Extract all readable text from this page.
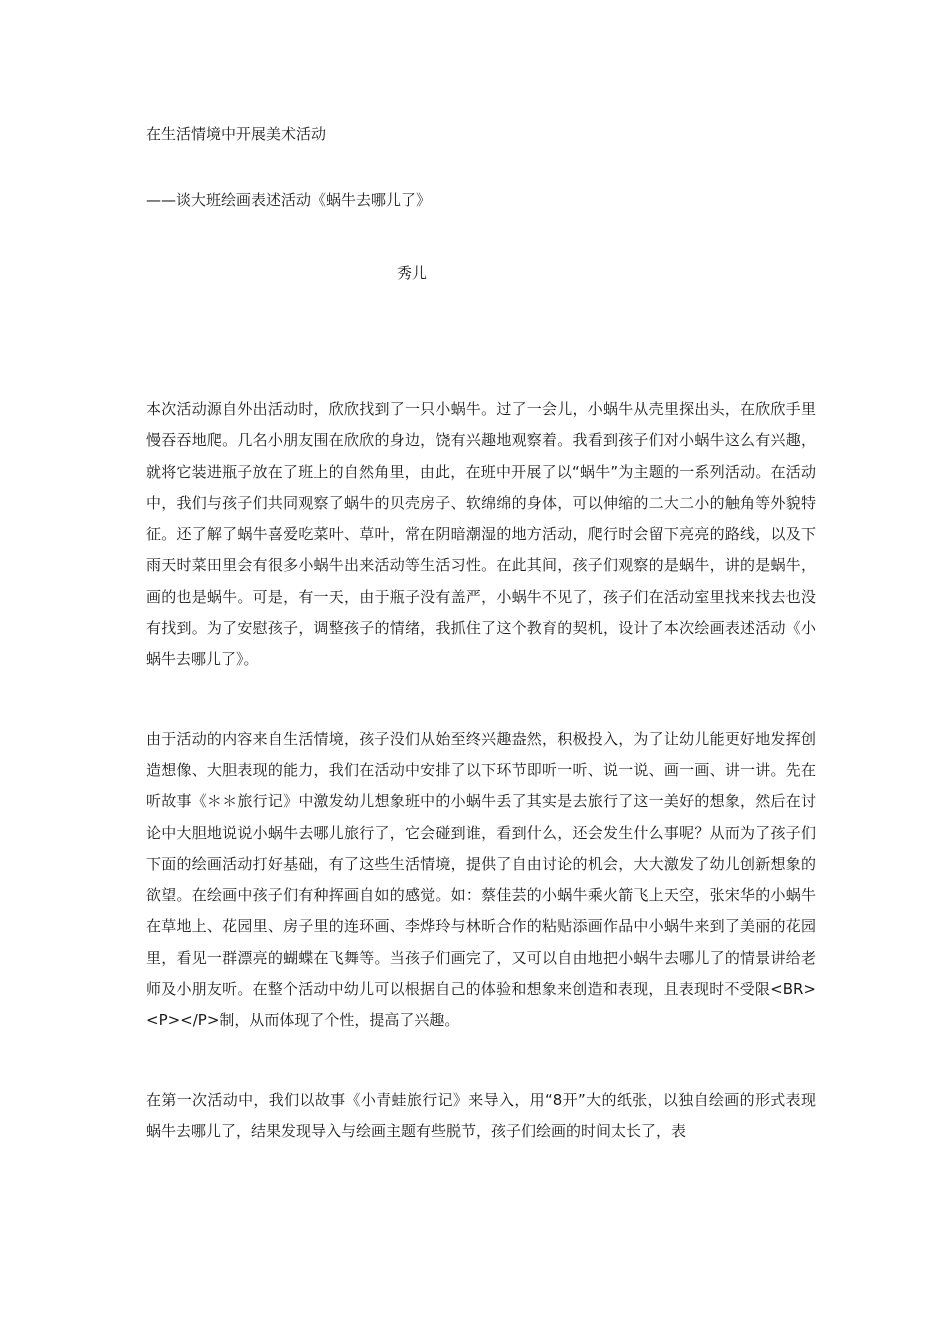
在生活情境中开展美术活动
——谈大班绘画表述活动《蜗牛去哪儿了》
秀儿

本次活动源自外出活动时，欣欣找到了一只小蜗牛。过了一会儿，小蜗牛从壳里探出头，在欣欣手里慢吞吞地爬。几名小朋友围在欣欣的身边，饶有兴趣地观察着。我看到孩子们对小蜗牛这么有兴趣，就将它装进瓶子放在了班上的自然角里，由此，在班中开展了以“蜗牛”为主题的一系列活动。在活动中，我们与孩子们共同观察了蜗牛的贝壳房子、软绵绵的身体，可以伸缩的二大二小的触角等外貌特征。还了解了蜗牛喜爱吃菜叶、草叶，常在阴暗潮湿的地方活动，爬行时会留下亮亮的路线，以及下雨天时菜田里会有很多小蜗牛出来活动等生活习性。在此其间，孩子们观察的是蜗牛，讲的是蜗牛，画的也是蜗牛。可是，有一天，由于瓶子没有盖严，小蜗牛不见了，孩子们在活动室里找来找去也没有找到。为了安慰孩子，调整孩子的情绪，我抓住了这个教育的契机，设计了本次绘画表述活动《小蜗牛去哪儿了》。

由于活动的内容来自生活情境，孩子没们从始至终兴趣盎然，积极投入，为了让幼儿能更好地发挥创造想像、大胆表现的能力，我们在活动中安排了以下环节即听一听、说一说、画一画、讲一讲。先在听故事《＊＊旅行记》中激发幼儿想象班中的小蜗牛丢了其实是去旅行了这一美好的想象，然后在讨论中大胆地说说小蜗牛去哪儿旅行了，它会碰到谁，看到什么，还会发生什么事呢？从而为了孩子们下面的绘画活动打好基础，有了这些生活情境，提供了自由讨论的机会，大大激发了幼儿创新想象的欲望。在绘画中孩子们有种挥画自如的感觉。如：蔡佳芸的小蜗牛乘火箭飞上天空，张宋华的小蜗牛在草地上、花园里、房子里的连环画、李烨玲与林昕合作的粘贴添画作品中小蜗牛来到了美丽的花园里，看见一群漂亮的蝴蝶在飞舞等。当孩子们画完了，又可以自由地把小蜗牛去哪儿了的情景讲给老师及小朋友听。在整个活动中幼儿可以根据自己的体验和想象来创造和表现，且表现时不受限<BR><P></P>制，从而体现了个性，提高了兴趣。

在第一次活动中，我们以故事《小青蛙旅行记》来导入，用“8开”大的纸张，以独自绘画的形式表现蜗牛去哪儿了，结果发现导入与绘画主题有些脱节，孩子们绘画的时间太长了，表
